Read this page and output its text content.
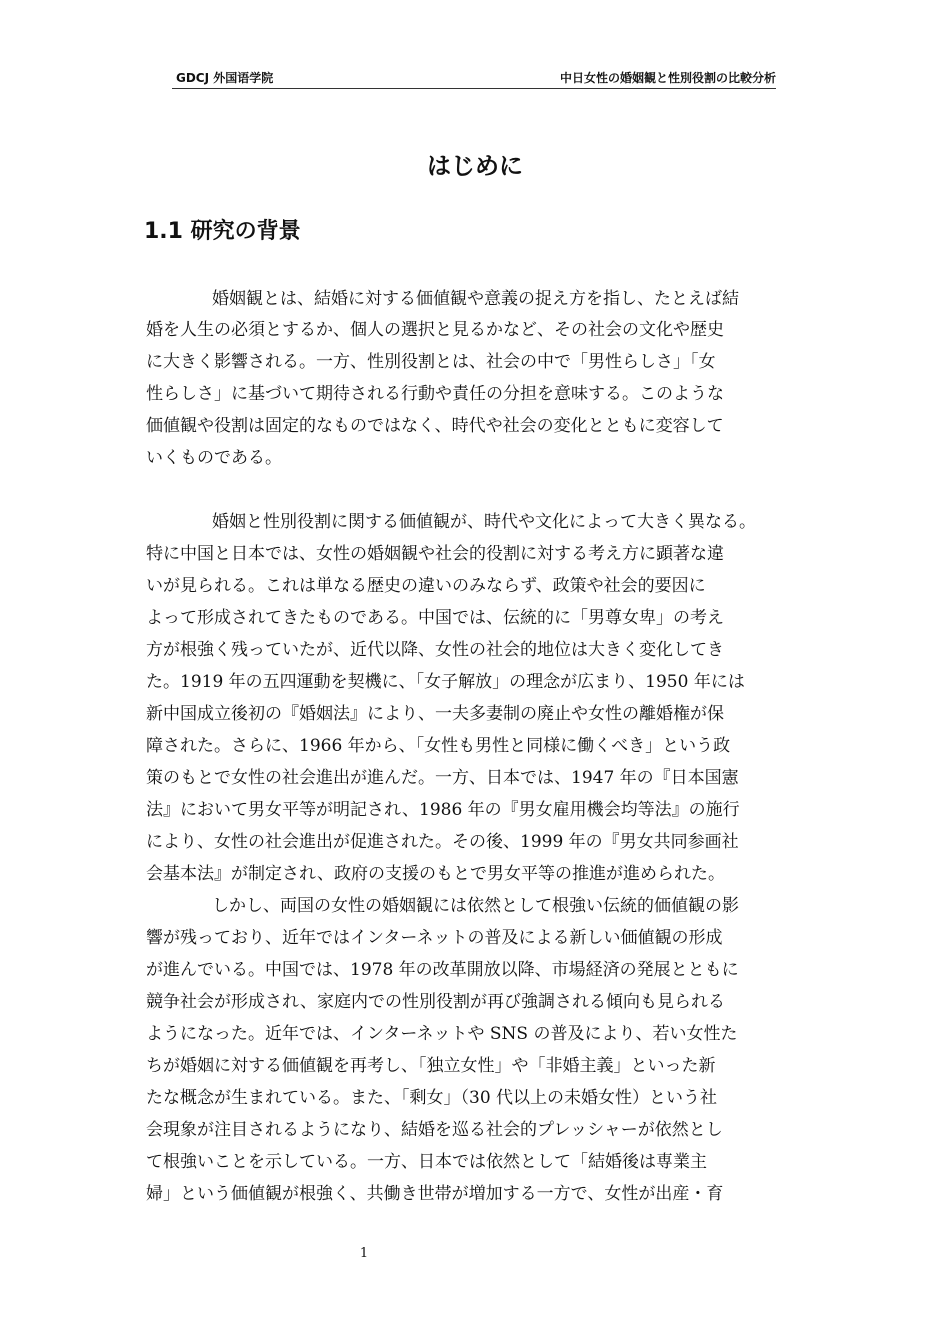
GDCJ 外国语学院	中日女性の婚姻観と性別役割の比較分析
はじめに
1.1 研究の背景
婚姻観とは、結婚に対する価値観や意義の捉え方を指し、たとえば結
婚を人生の必須とするか、個人の選択と見るかなど、その社会の文化や歴史
に大きく影響される。一方、性別役割とは、社会の中で「男性らしさ」「女
性らしさ」に基づいて期待される行動や責任の分担を意味する。このような
価値観や役割は固定的なものではなく、時代や社会の変化とともに変容して
いくものである。
婚姻と性別役割に関する価値観が、時代や文化によって大きく異なる。
特に中国と日本では、女性の婚姻観や社会的役割に対する考え方に顕著な違
いが見られる。これは単なる歴史の違いのみならず、政策や社会的要因に
よって形成されてきたものである。中国では、伝統的に「男尊女卑」の考え
方が根強く残っていたが、近代以降、女性の社会的地位は大きく変化してき
た。1919 年の五四運動を契機に、「女子解放」の理念が広まり、1950 年には
新中国成立後初の『婚姻法』により、一夫多妻制の廃止や女性の離婚権が保
障された。さらに、1966 年から、「女性も男性と同様に働くべき」という政
策のもとで女性の社会進出が進んだ。一方、日本では、1947 年の『日本国憲
法』において男女平等が明記され、1986 年の『男女雇用機会均等法』の施行
により、女性の社会進出が促進された。その後、1999 年の『男女共同参画社
会基本法』が制定され、政府の支援のもとで男女平等の推進が進められた。
しかし、両国の女性の婚姻観には依然として根強い伝統的価値観の影
響が残っており、近年ではインターネットの普及による新しい価値観の形成
が進んでいる。中国では、1978 年の改革開放以降、市場経済の発展とともに
競争社会が形成され、家庭内での性別役割が再び強調される傾向も見られる
ようになった。近年では、インターネットや SNS の普及により、若い女性た
ちが婚姻に対する価値観を再考し、「独立女性」や「非婚主義」といった新
たな概念が生まれている。また、「剩女」（30 代以上の未婚女性）という社
会現象が注目されるようになり、結婚を巡る社会的プレッシャーが依然とし
て根強いことを示している。一方、日本では依然として「結婚後は専業主
婦」という価値観が根強く、共働き世帯が増加する一方で、女性が出産・育
1
